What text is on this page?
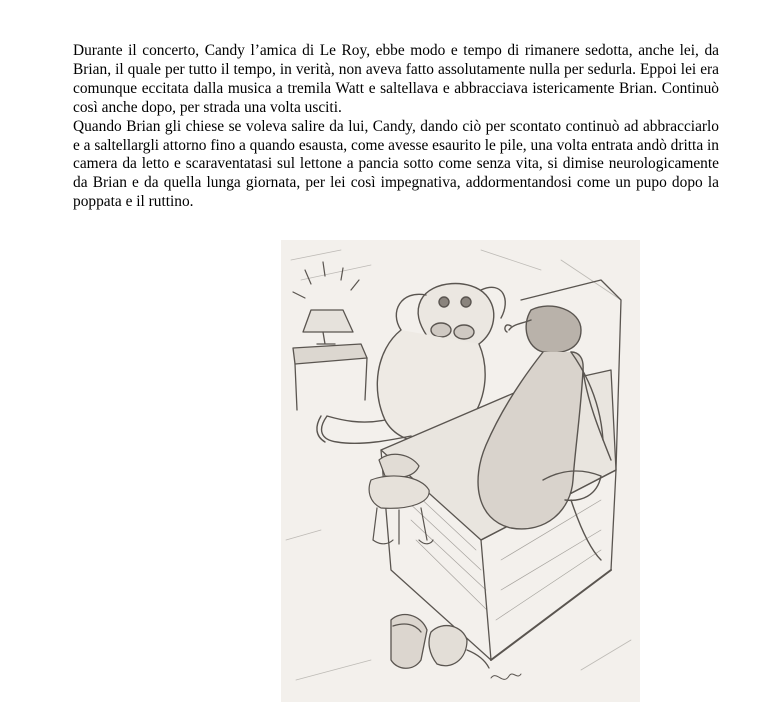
Durante il concerto, Candy l’amica di Le Roy, ebbe modo e tempo di rimanere sedotta, anche lei, da Brian, il quale per tutto il tempo, in verità, non aveva fatto assolutamente nulla per sedurla. Eppoi lei era comunque eccitata dalla musica a tremila Watt e saltellava e abbracciava istericamente Brian. Continuò così anche dopo, per strada una volta usciti.

Quando Brian gli chiese se voleva salire da lui, Candy, dando ciò per scontato continuò ad abbracciarlo e a saltellargli attorno fino a quando esausta, come avesse esaurito le pile, una volta entrata andò dritta in camera da letto e scaraventatasi sul lettone a pancia sotto come senza vita, si dimise neurologicamente da Brian e da quella lunga giornata, per lei così impegnativa, addormentandosi come un pupo dopo la poppata e il ruttino.
